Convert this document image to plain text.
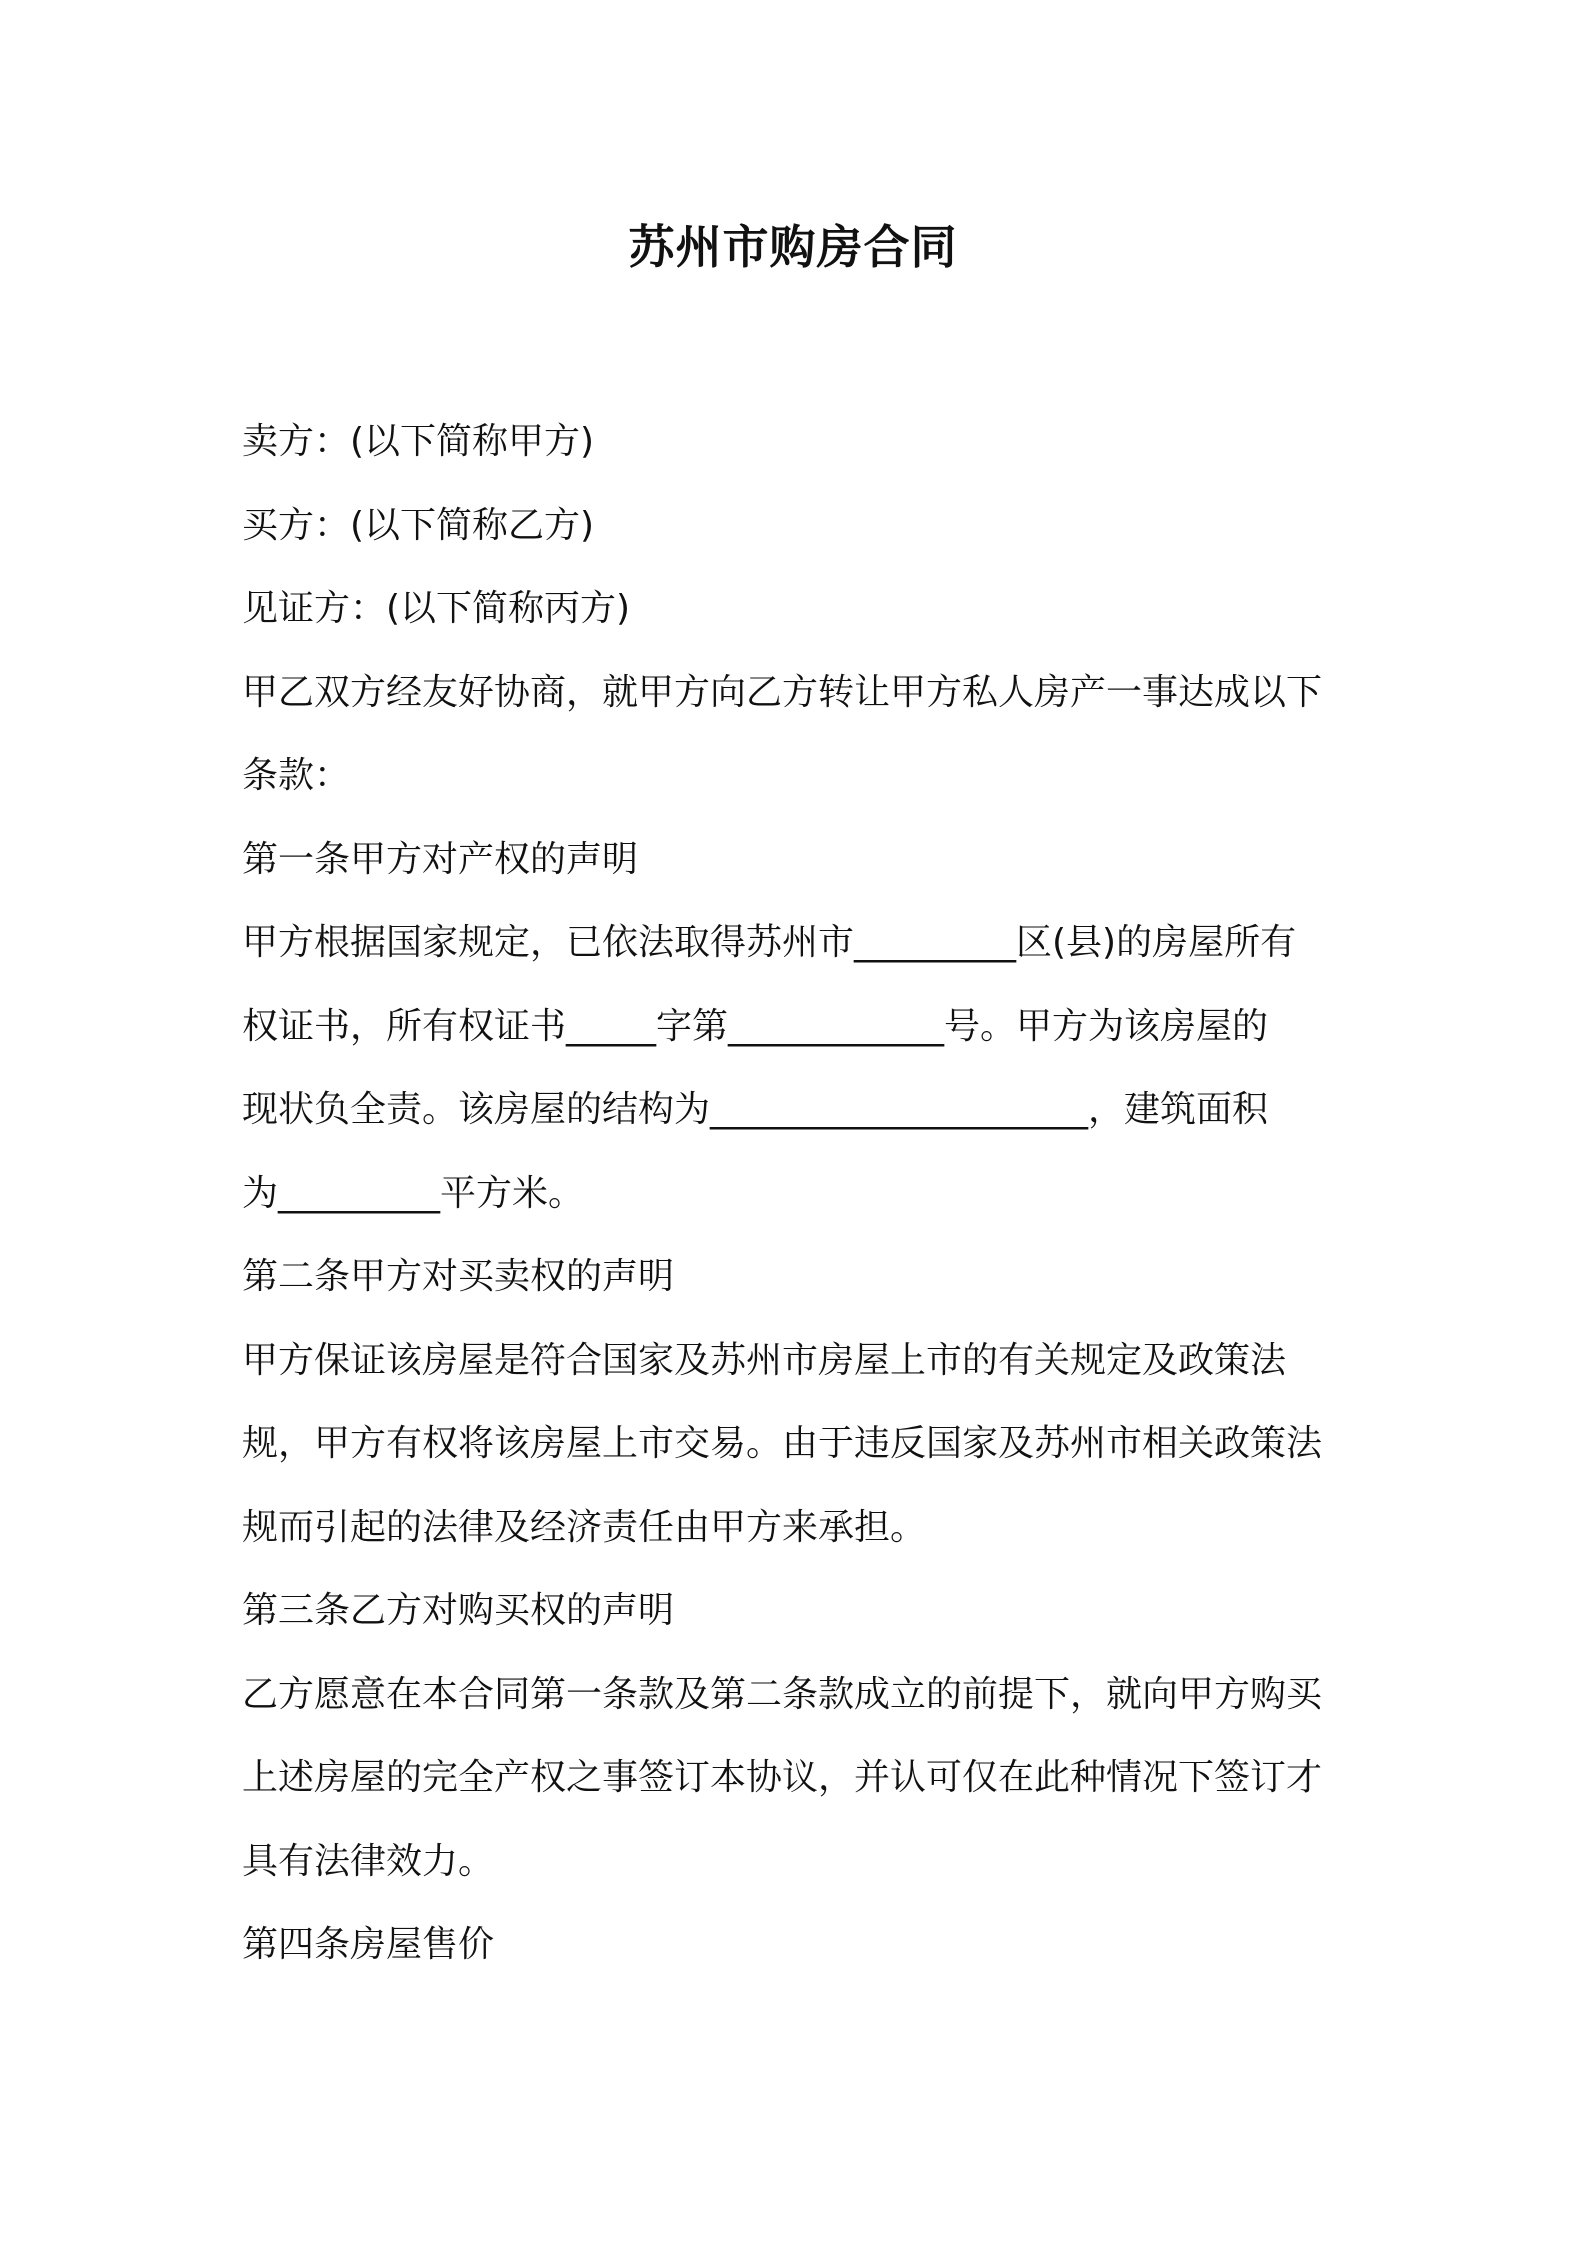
苏州市购房合同
卖方：(以下简称甲方)
买方：(以下简称乙方)
见证方：(以下简称丙方)
甲乙双方经友好协商，就甲方向乙方转让甲方私人房产一事达成以下
条款：
第一条甲方对产权的声明
甲方根据国家规定，已依法取得苏州市_________区(县)的房屋所有
权证书，所有权证书_____字第____________号。甲方为该房屋的
现状负全责。该房屋的结构为_____________________，建筑面积
为_________平方米。
第二条甲方对买卖权的声明
甲方保证该房屋是符合国家及苏州市房屋上市的有关规定及政策法
规，甲方有权将该房屋上市交易。由于违反国家及苏州市相关政策法
规而引起的法律及经济责任由甲方来承担。
第三条乙方对购买权的声明
乙方愿意在本合同第一条款及第二条款成立的前提下，就向甲方购买
上述房屋的完全产权之事签订本协议，并认可仅在此种情况下签订才
具有法律效力。
第四条房屋售价
